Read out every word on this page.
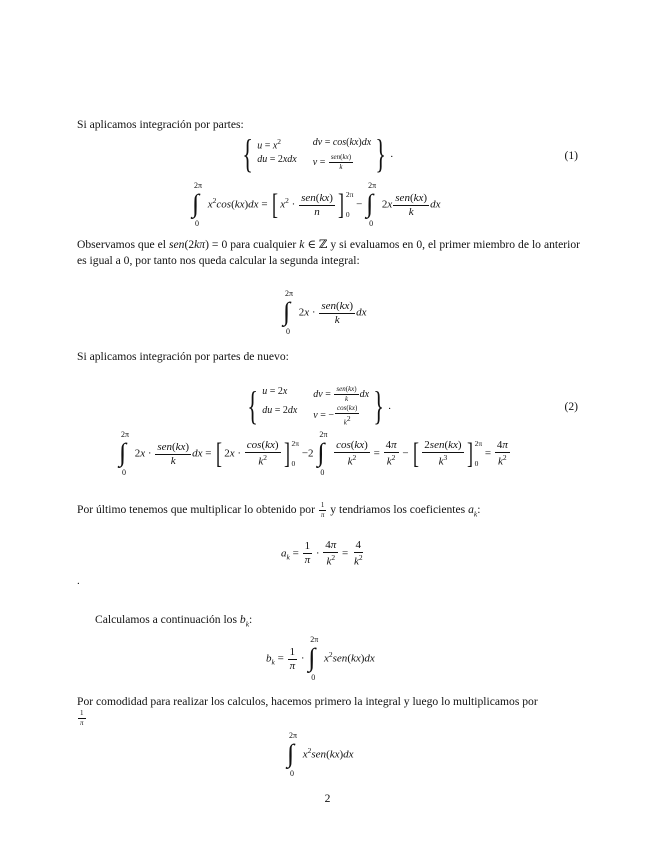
Si aplicamos integración por partes:
{ $u = x^2$	dv = cos(kx)dx
du = 2xdx $v = \frac{\text{sen(kx)}}{k}$ } .	(1)
2π
∫
0
$x^2\cos(kx)dx$ = [ $x^2 \cdot \frac{\text{sen(kx)}}{n}$ ] 2π
0 −
2π
∫
0
$2x \frac{\text{sen(kx)}}{k}$ dx
Observamos que el sen(2kπ) = 0 para cualquier k ∈ ℤ y si evaluamos en 0, el primer miembro de lo anterior es igual a 0, por tanto nos queda calcular la segunda integral:
2π
∫
0
$2x \cdot \frac{\text{sen(kx)}}{k}$ dx
Si aplicamos integración por partes de nuevo:
{ u = 2x	dv = $\frac{\text{sen(kx)}}{k}$ dx
du = 2dx v = − $\frac{\cos(kx)}{k2}$ } .	(2)
2π
∫
0
$2x \cdot \frac{\text{sen(kx)}}{k}$ dx = [ $2x \cdot \frac{\cos(kx)}{k^2}$ ] 2π
0 −2
2π
∫
0

$\frac{\cos(kx)}{k^2} = \frac{4\pi}{k^2}$ − [ $\frac{\text{2sen(kx)}}{k^3}$ ] 2π
$0 = \frac{4\pi}{k^2}$
Por último tenemos que multiplicar lo obtenido por $\frac{1}{\pi}$ y tendriamos los coeficientes $a_k$:
$a_k = \frac{1}{\pi} \cdot \frac{4\pi}{k^2} = \frac{4}{k^2}$
.
Calculamos a continuación los $b_k$:
$b_k = \frac{1}{\pi}$ ·
2π
∫
0
$x^2sen(kx)dx$
Por comodidad para realizar los calculos, hacemos primero la integral y luego lo multiplicamos por

$\frac{1}{\pi}$
2π
∫
0
$x^2sen(kx)dx$
2
